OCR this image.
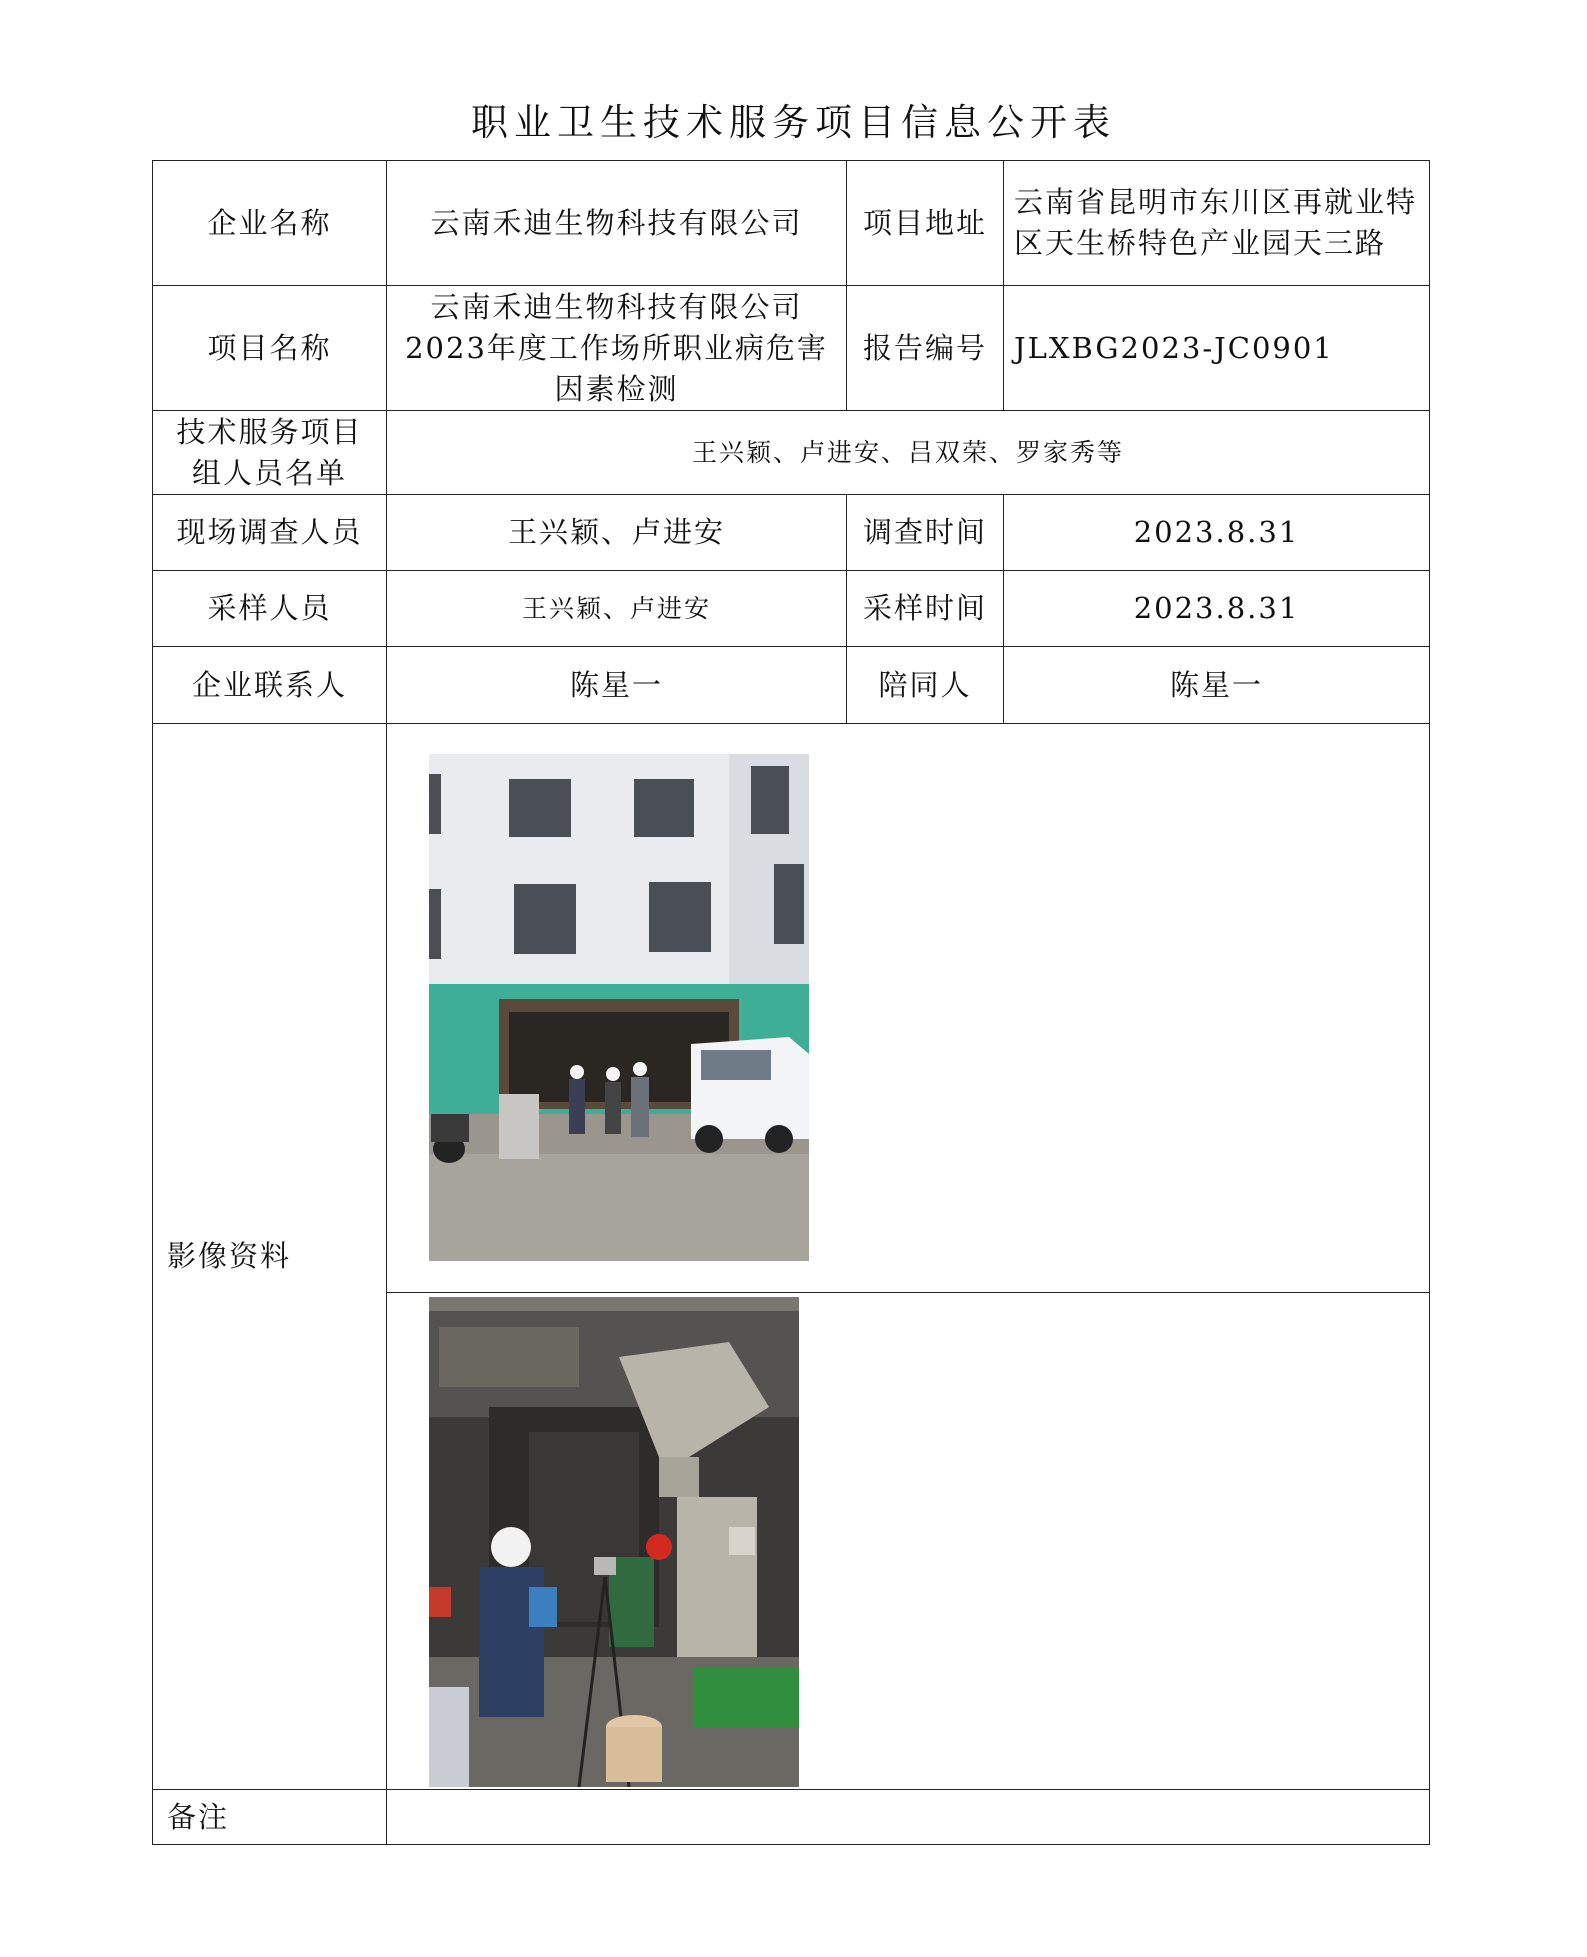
职业卫生技术服务项目信息公开表
企业名称	云南禾迪生物科技有限公司	项目地址	云南省昆明市东川区再就业特区天生桥特色产业园天三路
项目名称	云南禾迪生物科技有限公司2023年度工作场所职业病危害因素检测	报告编号	JLXBG2023-JC0901
技术服务项目组人员名单	王兴颖、卢进安、吕双荣、罗家秀等		
现场调查人员	王兴颖、卢进安	调查时间	2023.8.31
采样人员	王兴颖、卢进安	采样时间	2023.8.31
企业联系人	陈星一	陪同人	陈星一
影像资料	

备注			
